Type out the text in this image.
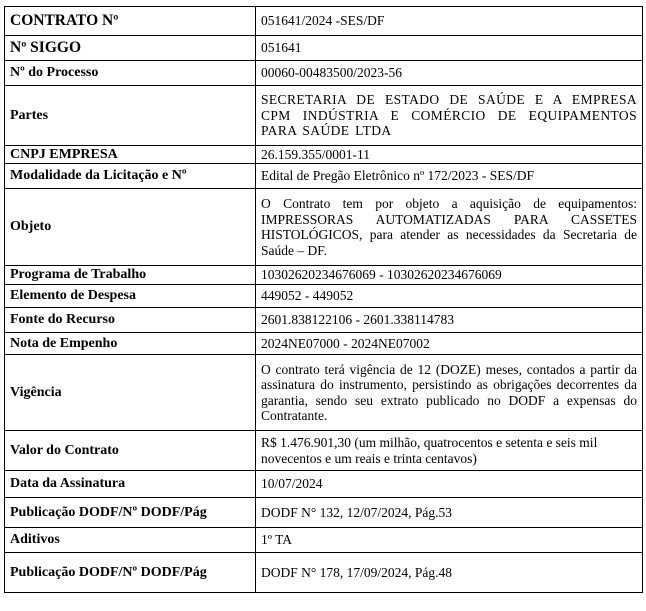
CONTRATO Nº	051641/2024 -SES/DF
Nº SIGGO	051641
Nº do Processo	00060-00483500/2023-56
Partes	SECRETARIA DE ESTADO DE SAÚDE E A EMPRESA CPM INDÚSTRIA E COMÉRCIO DE EQUIPAMENTOS PARA SAÚDE LTDA
CNPJ EMPRESA	26.159.355/0001-11
Modalidade da Licitação e Nº	Edital de Pregão Eletrônico nº 172/2023 - SES/DF
Objeto	O Contrato tem por objeto a aquisição de equipamentos: IMPRESSORAS AUTOMATIZADAS PARA CASSETES HISTOLÓGICOS, para atender as necessidades da Secretaria de Saúde – DF.
Programa de Trabalho	10302620234676069 - 10302620234676069
Elemento de Despesa	449052 - 449052
Fonte do Recurso	2601.838122106 - 2601.338114783
Nota de Empenho	2024NE07000 - 2024NE07002
Vigência	O contrato terá vigência de 12 (DOZE) meses, contados a partir da assinatura do instrumento, persistindo as obrigações decorrentes da garantia, sendo seu extrato publicado no DODF a expensas do Contratante.
Valor do Contrato	R$ 1.476.901,30 (um milhão, quatrocentos e setenta e seis mil novecentos e um reais e trinta centavos)
Data da Assinatura	10/07/2024
Publicação DODF/Nº DODF/Pág	DODF N° 132, 12/07/2024, Pág.53
Aditivos	1º TA
Publicação DODF/Nº DODF/Pág	DODF N° 178, 17/09/2024, Pág.48
